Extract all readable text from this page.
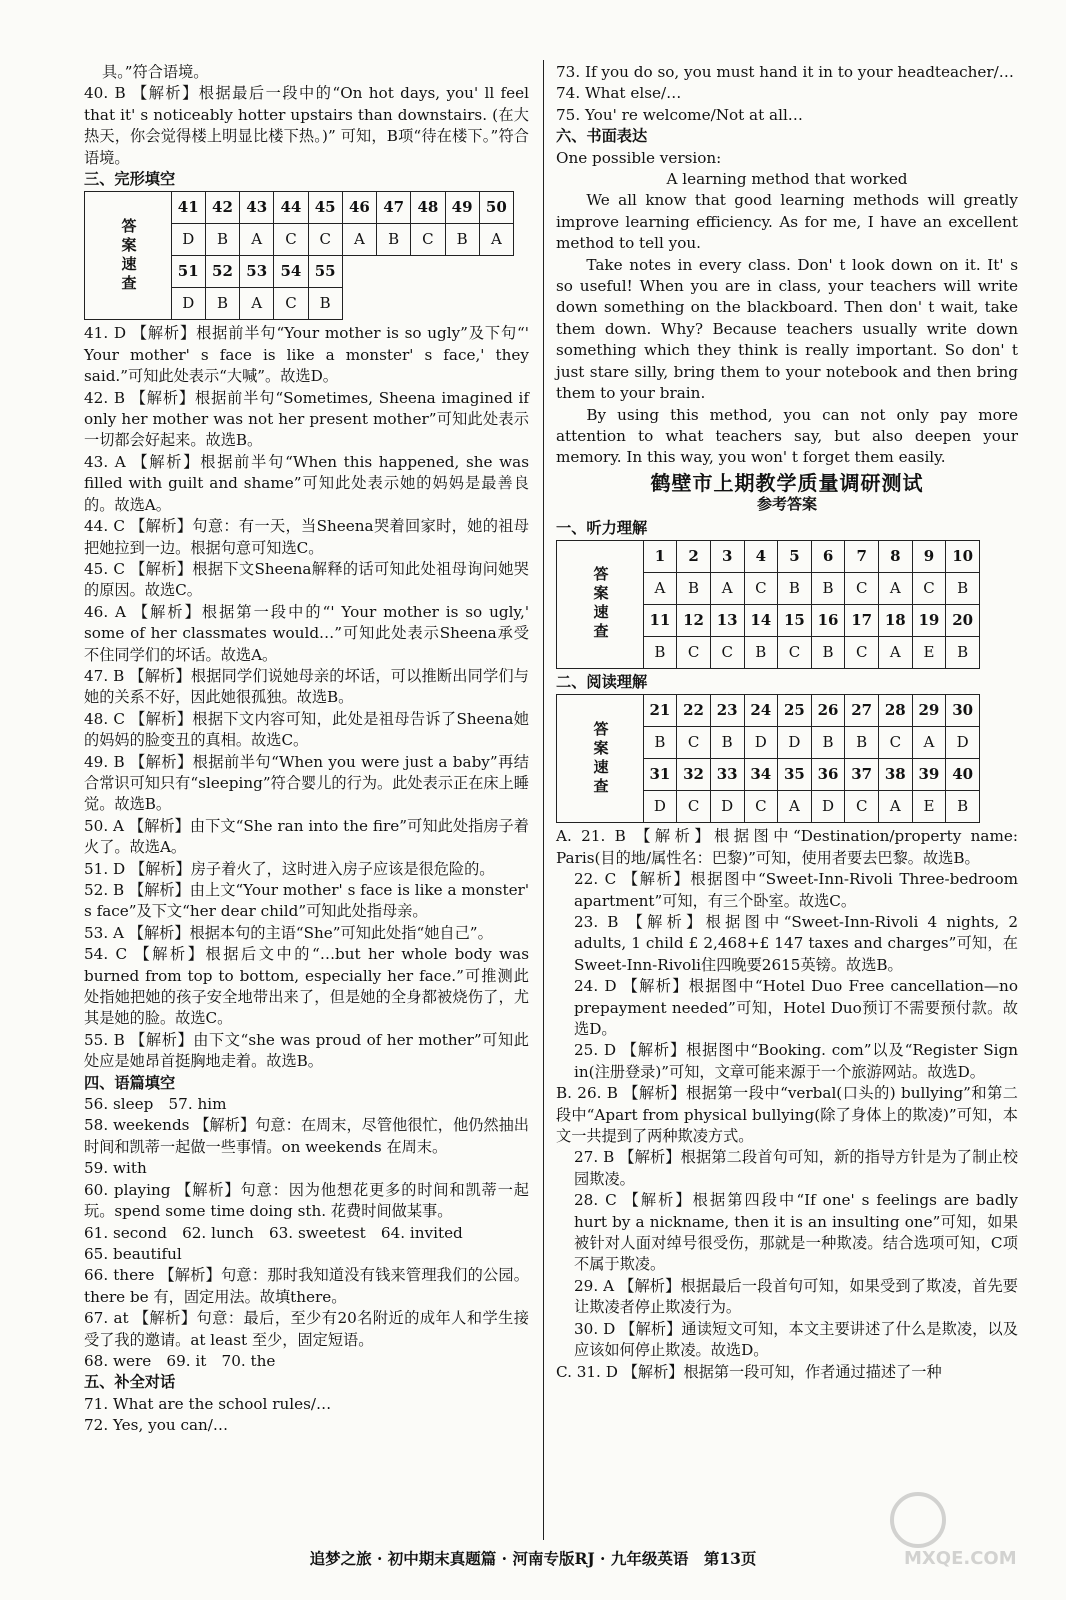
具。”符合语境。

40. B 【解析】根据最后一段中的“On hot days, you' ll feel that it' s noticeably hotter upstairs than downstairs. (在大热天，你会觉得楼上明显比楼下热。)” 可知，B项“待在楼下。”符合语境。

三、完形填空

答案速查	41	42	43	44	45	46	47	48	49	50
	D	B	A	C	C	A	B	C	B	A
	51	52	53	54	55					
	D	B	A	C	B					

41. D 【解析】根据前半句“Your mother is so ugly”及下句“' Your mother' s face is like a monster' s face,' they said.”可知此处表示“大喊”。故选D。

42. B 【解析】根据前半句“Sometimes, Sheena imagined if only her mother was not her present mother”可知此处表示一切都会好起来。故选B。

43. A 【解析】根据前半句“When this happened, she was filled with guilt and shame”可知此处表示她的妈妈是最善良的。故选A。

44. C 【解析】句意：有一天，当Sheena哭着回家时，她的祖母把她拉到一边。根据句意可知选C。

45. C 【解析】根据下文Sheena解释的话可知此处祖母询问她哭的原因。故选C。

46. A 【解析】根据第一段中的“' Your mother is so ugly,' some of her classmates would…”可知此处表示Sheena承受不住同学们的坏话。故选A。

47. B 【解析】根据同学们说她母亲的坏话，可以推断出同学们与她的关系不好，因此她很孤独。故选B。

48. C 【解析】根据下文内容可知，此处是祖母告诉了Sheena她的妈妈的脸变丑的真相。故选C。

49. B 【解析】根据前半句“When you were just a baby”再结合常识可知只有“sleeping”符合婴儿的行为。此处表示正在床上睡觉。故选B。

50. A 【解析】由下文“She ran into the fire”可知此处指房子着火了。故选A。

51. D 【解析】房子着火了，这时进入房子应该是很危险的。

52. B 【解析】由上文“Your mother' s face is like a monster' s face”及下文“her dear child”可知此处指母亲。

53. A 【解析】根据本句的主语“She”可知此处指“她自己”。

54. C 【解析】根据后文中的“…but her whole body was burned from top to bottom, especially her face.”可推测此处指她把她的孩子安全地带出来了，但是她的全身都被烧伤了，尤其是她的脸。故选C。

55. B 【解析】由下文“she was proud of her mother”可知此处应是她昂首挺胸地走着。故选B。

四、语篇填空

56. sleep　57. him

58. weekends 【解析】句意：在周末，尽管他很忙，他仍然抽出时间和凯蒂一起做一些事情。on weekends 在周末。

59. with

60. playing 【解析】句意：因为他想花更多的时间和凯蒂一起玩。spend some time doing sth. 花费时间做某事。

61. second　62. lunch　63. sweetest　64. invited

65. beautiful

66. there 【解析】句意：那时我知道没有钱来管理我们的公园。there be 有，固定用法。故填there。

67. at 【解析】句意：最后，至少有20名附近的成年人和学生接受了我的邀请。at least 至少，固定短语。

68. were　69. it　70. the

五、补全对话

71. What are the school rules/…

72. Yes, you can/…

73. If you do so, you must hand it in to your headteacher/…

74. What else/…

75. You' re welcome/Not at all…

六、书面表达

One possible version:

A learning method that worked

We all know that good learning methods will greatly improve learning efficiency. As for me, I have an excellent method to tell you.

Take notes in every class. Don' t look down on it. It' s so useful! When you are in class, your teachers will write down something on the blackboard. Then don' t wait, take them down. Why? Because teachers usually write down something which they think is really important. So don' t just stare silly, bring them to your notebook and then bring them to your brain.

By using this method, you can not only pay more attention to what teachers say, but also deepen your memory. In this way, you won' t forget them easily.

鹤壁市上期教学质量调研测试

参考答案

一、听力理解

答案速查	1	2	3	4	5	6	7	8	9	10
	A	B	A	C	B	B	C	A	C	B
	11	12	13	14	15	16	17	18	19	20
	B	C	C	B	C	B	C	A	E	B

二、阅读理解

答案速查	21	22	23	24	25	26	27	28	29	30
	B	C	B	D	D	B	B	C	A	D
	31	32	33	34	35	36	37	38	39	40
	D	C	D	C	A	D	C	A	E	B

A. 21. B 【解析】根据图中“Destination/property name: Paris(目的地/属性名：巴黎)”可知，使用者要去巴黎。故选B。

22. C 【解析】根据图中“Sweet-Inn-Rivoli Three-bedroom apartment”可知，有三个卧室。故选C。

23. B 【解析】根据图中“Sweet-Inn-Rivoli 4 nights, 2 adults, 1 child £ 2,468+£ 147 taxes and charges”可知，在Sweet-Inn-Rivoli住四晚要2615英镑。故选B。

24. D 【解析】根据图中“Hotel Duo Free cancellation—no prepayment needed”可知，Hotel Duo预订不需要预付款。故选D。

25. D 【解析】根据图中“Booking. com”以及“Register Sign in(注册登录)”可知，文章可能来源于一个旅游网站。故选D。

B. 26. B 【解析】根据第一段中“verbal(口头的) bullying”和第二段中“Apart from physical bullying(除了身体上的欺凌)”可知，本文一共提到了两种欺凌方式。

27. B 【解析】根据第二段首句可知，新的指导方针是为了制止校园欺凌。

28. C 【解析】根据第四段中“If one' s feelings are badly hurt by a nickname, then it is an insulting one”可知，如果被针对人面对绰号很受伤，那就是一种欺凌。结合选项可知，C项不属于欺凌。

29. A 【解析】根据最后一段首句可知，如果受到了欺凌，首先要让欺凌者停止欺凌行为。

30. D 【解析】通读短文可知，本文主要讲述了什么是欺凌，以及应该如何停止欺凌。故选D。

C. 31. D 【解析】根据第一段可知，作者通过描述了一种

追梦之旅 · 初中期末真题篇 · 河南专版RJ · 九年级英语　第13页	MXQE.COM
